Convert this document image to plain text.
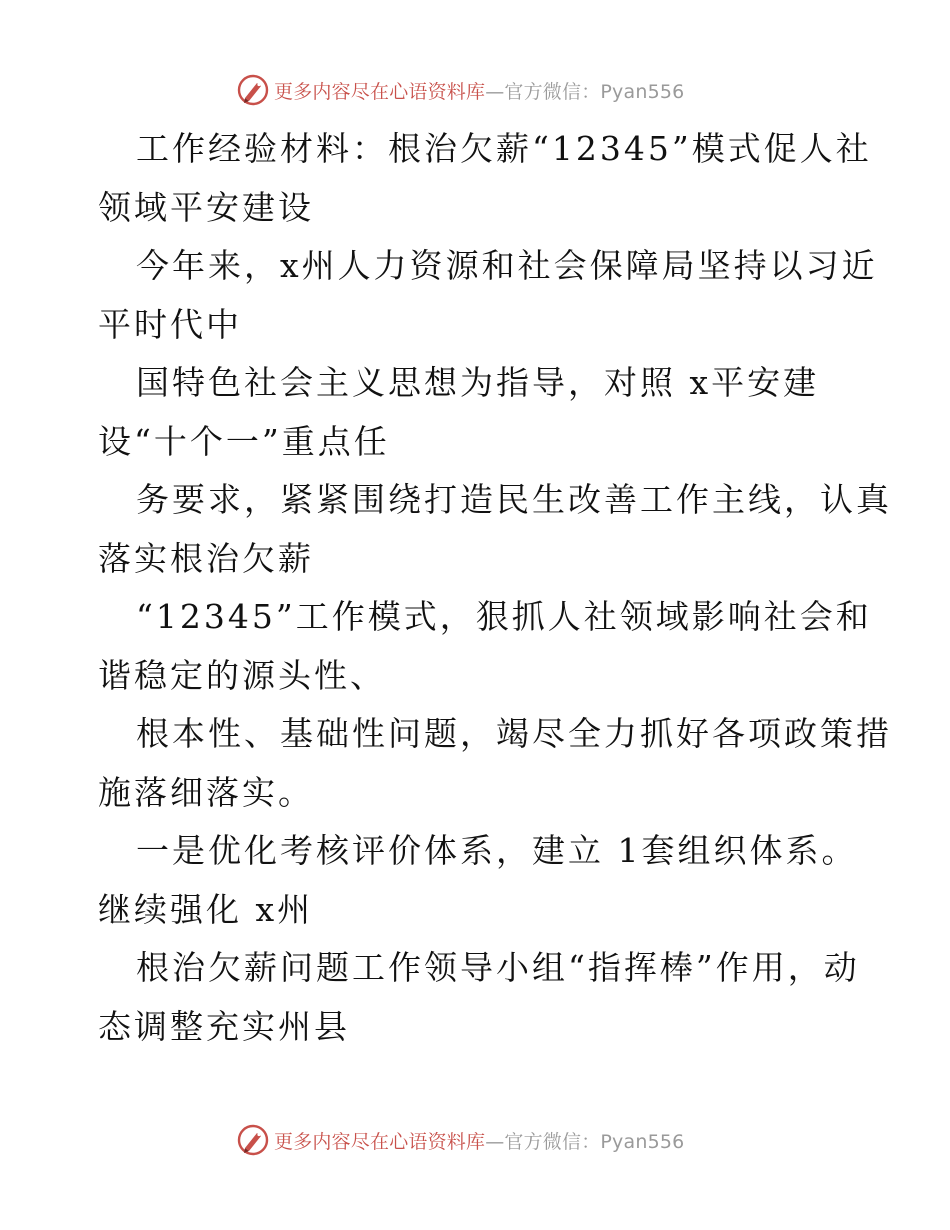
更多内容尽在心语资料库—官方微信：Pyan556
工作经验材料：根治欠薪“12345”模式促人社
领域平安建设
今年来，x州人力资源和社会保障局坚持以习近
平时代中
国特色社会主义思想为指导，对照 x平安建
设“十个一”重点任
务要求，紧紧围绕打造民生改善工作主线，认真
落实根治欠薪
“12345”工作模式，狠抓人社领域影响社会和
谐稳定的源头性、
根本性、基础性问题，竭尽全力抓好各项政策措
施落细落实。
一是优化考核评价体系，建立 1套组织体系。
继续强化 x州
根治欠薪问题工作领导小组“指挥棒”作用，动
态调整充实州县
更多内容尽在心语资料库—官方微信：Pyan556
